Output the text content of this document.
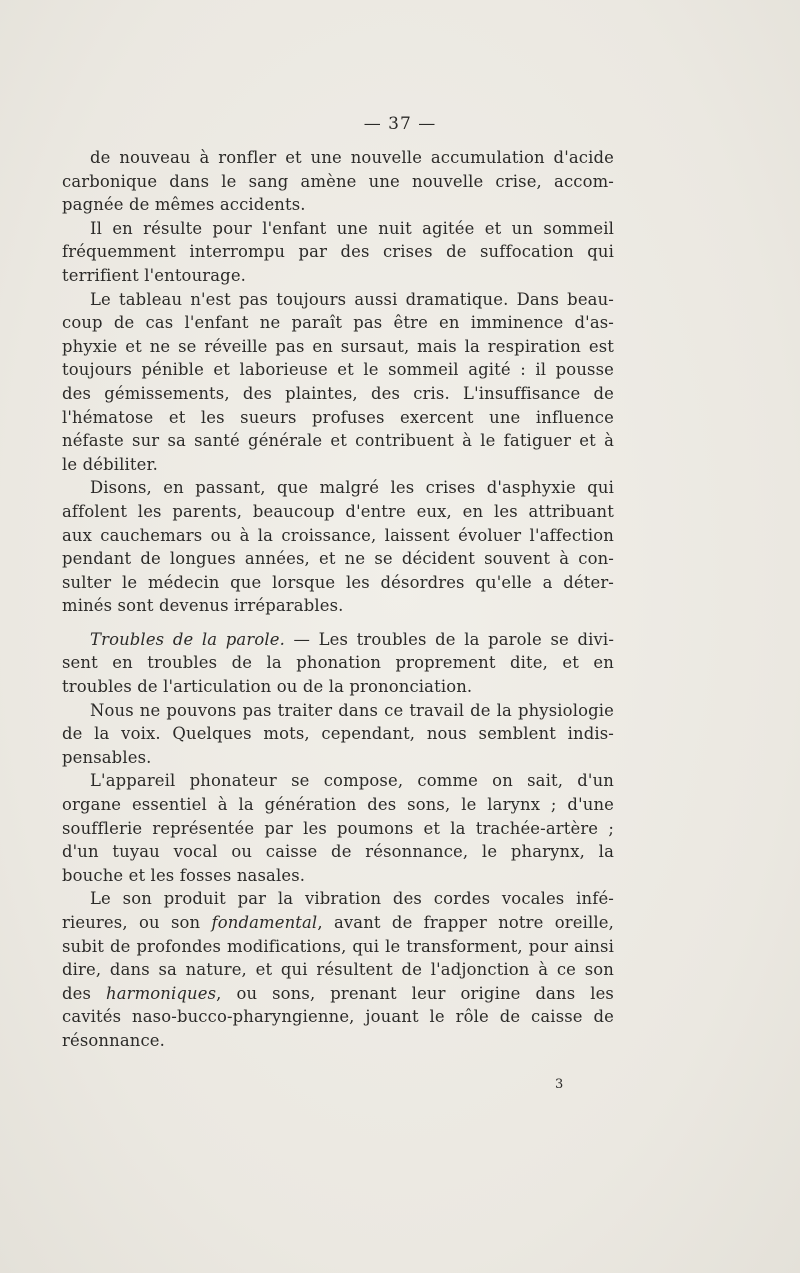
— 37 —
de nouveau à ronfler et une nouvelle accumulation d'acide
carbonique dans le sang amène une nouvelle crise, accom-
pagnée de mêmes accidents.
Il en résulte pour l'enfant une nuit agitée et un sommeil
fréquemment interrompu par des crises de suffocation qui
terrifient l'entourage.
Le tableau n'est pas toujours aussi dramatique. Dans beau-
coup de cas l'enfant ne paraît pas être en imminence d'as-
phyxie et ne se réveille pas en sursaut, mais la respiration est
toujours pénible et laborieuse et le sommeil agité : il pousse
des gémissements, des plaintes, des cris. L'insuffisance de
l'hématose et les sueurs profuses exercent une influence
néfaste sur sa santé générale et contribuent à le fatiguer et à
le débiliter.
Disons, en passant, que malgré les crises d'asphyxie qui
affolent les parents, beaucoup d'entre eux, en les attribuant
aux cauchemars ou à la croissance, laissent évoluer l'affection
pendant de longues années, et ne se décident souvent à con-
sulter le médecin que lorsque les désordres qu'elle a déter-
minés sont devenus irréparables.
Troubles de la parole. — Les troubles de la parole se divi-
sent en troubles de la phonation proprement dite, et en
troubles de l'articulation ou de la prononciation.
Nous ne pouvons pas traiter dans ce travail de la physiologie
de la voix. Quelques mots, cependant, nous semblent indis-
pensables.
L'appareil phonateur se compose, comme on sait, d'un
organe essentiel à la génération des sons, le larynx ; d'une
soufflerie représentée par les poumons et la trachée-artère ;
d'un tuyau vocal ou caisse de résonnance, le pharynx, la
bouche et les fosses nasales.
Le son produit par la vibration des cordes vocales infé-
rieures, ou son fondamental, avant de frapper notre oreille,
subit de profondes modifications, qui le transforment, pour ainsi
dire, dans sa nature, et qui résultent de l'adjonction à ce son
des harmoniques, ou sons, prenant leur origine dans les
cavités naso-bucco-pharyngienne, jouant le rôle de caisse de
résonnance.
3
